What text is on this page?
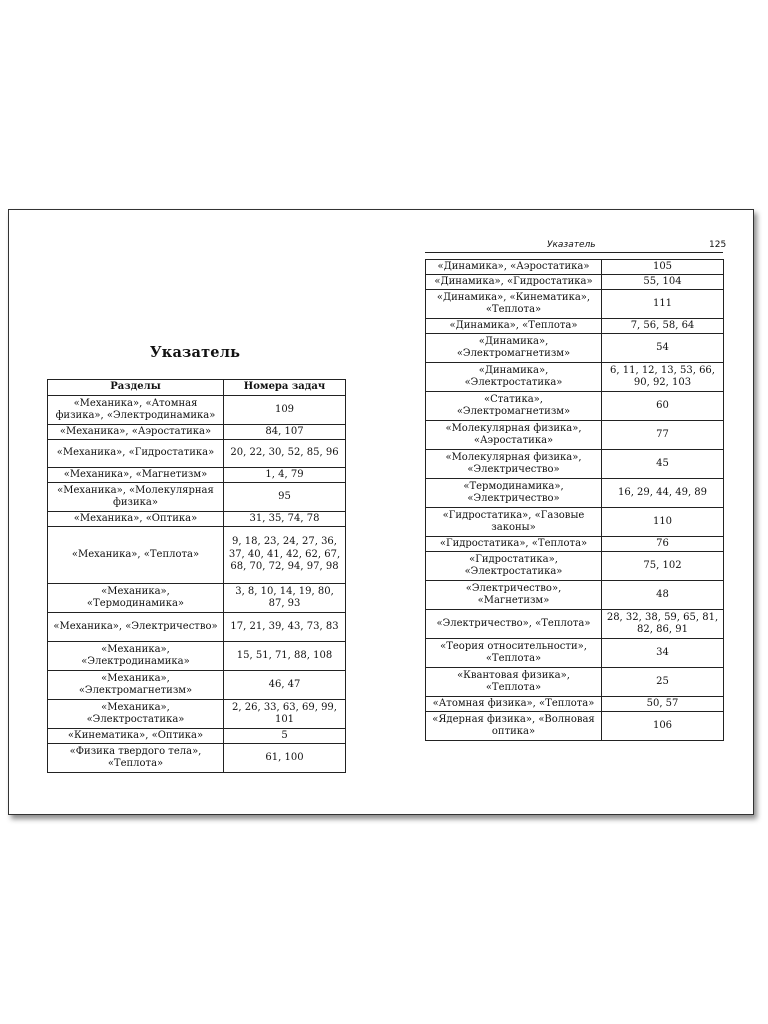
Указатель
Разделы	Номера задач
«Механика», «Атомная физика», «Электродинамика»	109
«Механика», «Аэростатика»	84, 107
«Механика», «Гидростатика»	20, 22, 30, 52, 85, 96
«Механика», «Магнетизм»	1, 4, 79
«Механика», «Молекулярная физика»	95
«Механика», «Оптика»	31, 35, 74, 78
«Механика», «Теплота»	9, 18, 23, 24, 27, 36, 37, 40, 41, 42, 62, 67, 68, 70, 72, 94, 97, 98
«Механика», «Термодинамика»	3, 8, 10, 14, 19, 80, 87, 93
«Механика», «Электричество»	17, 21, 39, 43, 73, 83
«Механика», «Электродинамика»	15, 51, 71, 88, 108
«Механика», «Электромагнетизм»	46, 47
«Механика», «Электростатика»	2, 26, 33, 63, 69, 99, 101
«Кинематика», «Оптика»	5
«Физика твердого тела», «Теплота»	61, 100
Указатель	125
«Динамика», «Аэростатика»	105
«Динамика», «Гидростатика»	55, 104
«Динамика», «Кинематика», «Теплота»	111
«Динамика», «Теплота»	7, 56, 58, 64
«Динамика», «Электромагнетизм»	54
«Динамика», «Электростатика»	6, 11, 12, 13, 53, 66, 90, 92, 103
«Статика», «Электромагнетизм»	60
«Молекулярная физика», «Аэростатика»	77
«Молекулярная физика», «Электричество»	45
«Термодинамика», «Электричество»	16, 29, 44, 49, 89
«Гидростатика», «Газовые законы»	110
«Гидростатика», «Теплота»	76
«Гидростатика», «Электростатика»	75, 102
«Электричество», «Магнетизм»	48
«Электричество», «Теплота»	28, 32, 38, 59, 65, 81, 82, 86, 91
«Теория относительности», «Теплота»	34
«Квантовая физика», «Теплота»	25
«Атомная физика», «Теплота»	50, 57
«Ядерная физика», «Волновая оптика»	106
